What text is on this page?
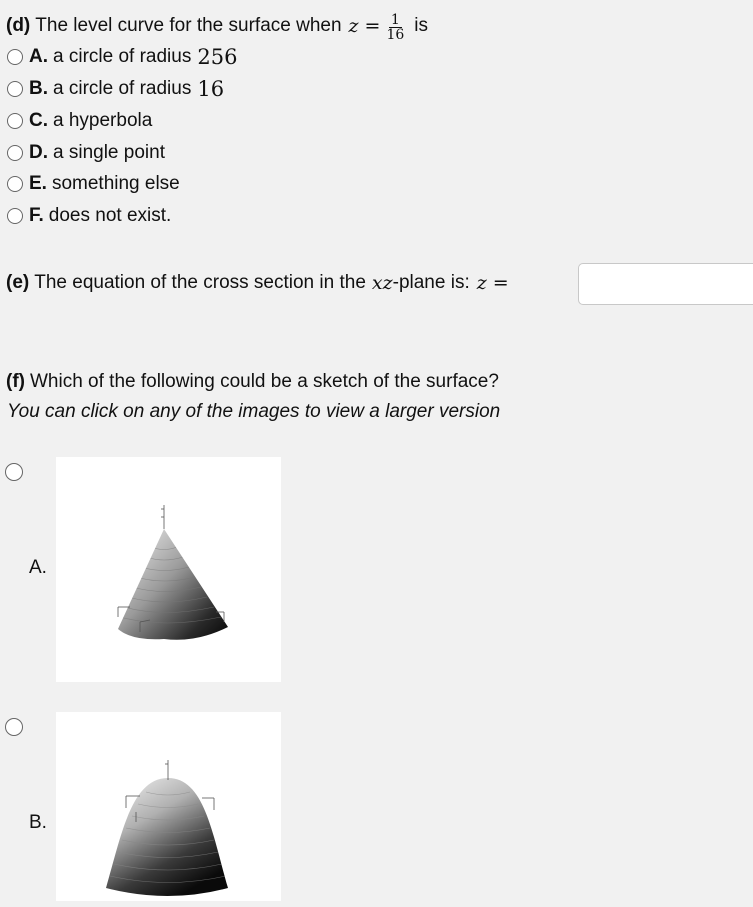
(d) The level curve for the surface when $z = \frac{1}{16}$ is
A. a circle of radius 256
B. a circle of radius 16
C. a hyperbola
D. a single point
E. something else
F. does not exist.
(e) The equation of the cross section in the xz -plane is: z =
(f) Which of the following could be a sketch of the surface?
You can click on any of the images to view a larger version
A.
B.
